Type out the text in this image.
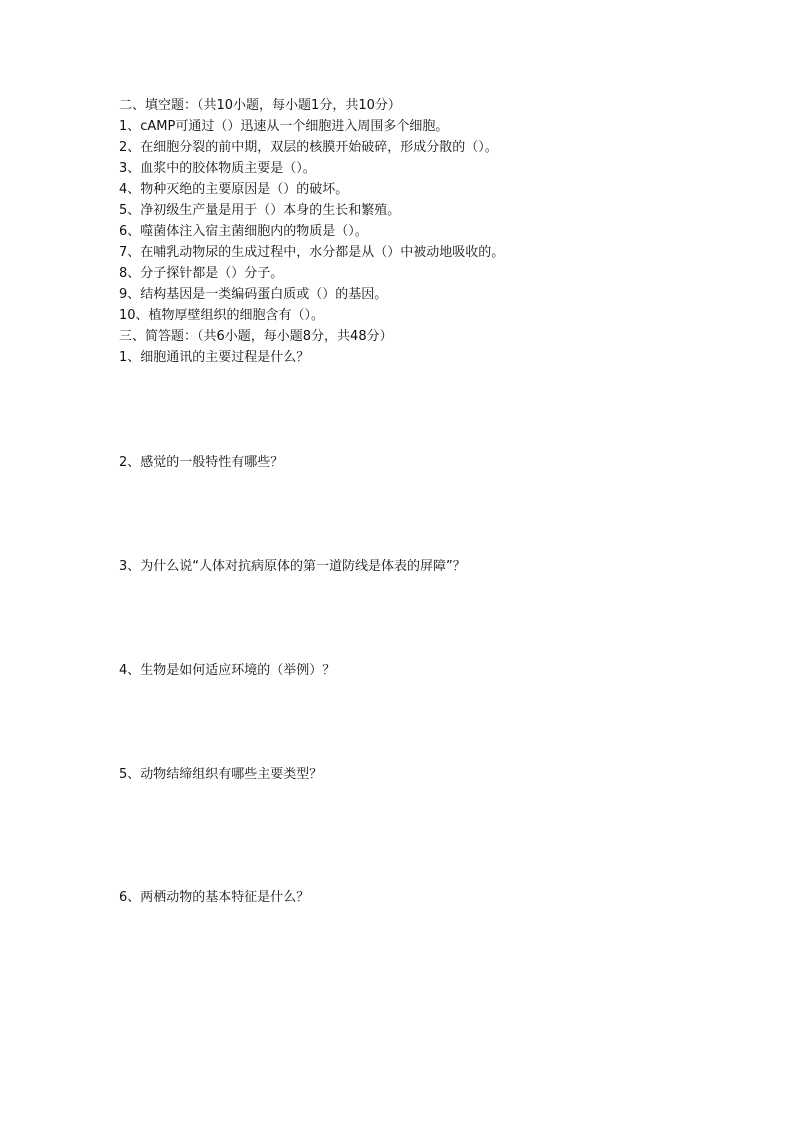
二、填空题：（共10小题，每小题1分，共10分）
1、cAMP可通过（）迅速从一个细胞进入周围多个细胞。
2、在细胞分裂的前中期，双层的核膜开始破碎，形成分散的（）。
3、血浆中的胶体物质主要是（）。
4、物种灭绝的主要原因是（）的破坏。
5、净初级生产量是用于（）本身的生长和繁殖。
6、噬菌体注入宿主菌细胞内的物质是（）。
7、在哺乳动物尿的生成过程中，水分都是从（）中被动地吸收的。
8、分子探针都是（）分子。
9、结构基因是一类编码蛋白质或（）的基因。
10、植物厚壁组织的细胞含有（）。
三、简答题：（共6小题，每小题8分，共48分）
1、细胞通讯的主要过程是什么？
2、感觉的一般特性有哪些？
3、为什么说“人体对抗病原体的第一道防线是体表的屏障”？
4、生物是如何适应环境的（举例）？
5、动物结缔组织有哪些主要类型？
6、两栖动物的基本特征是什么？
